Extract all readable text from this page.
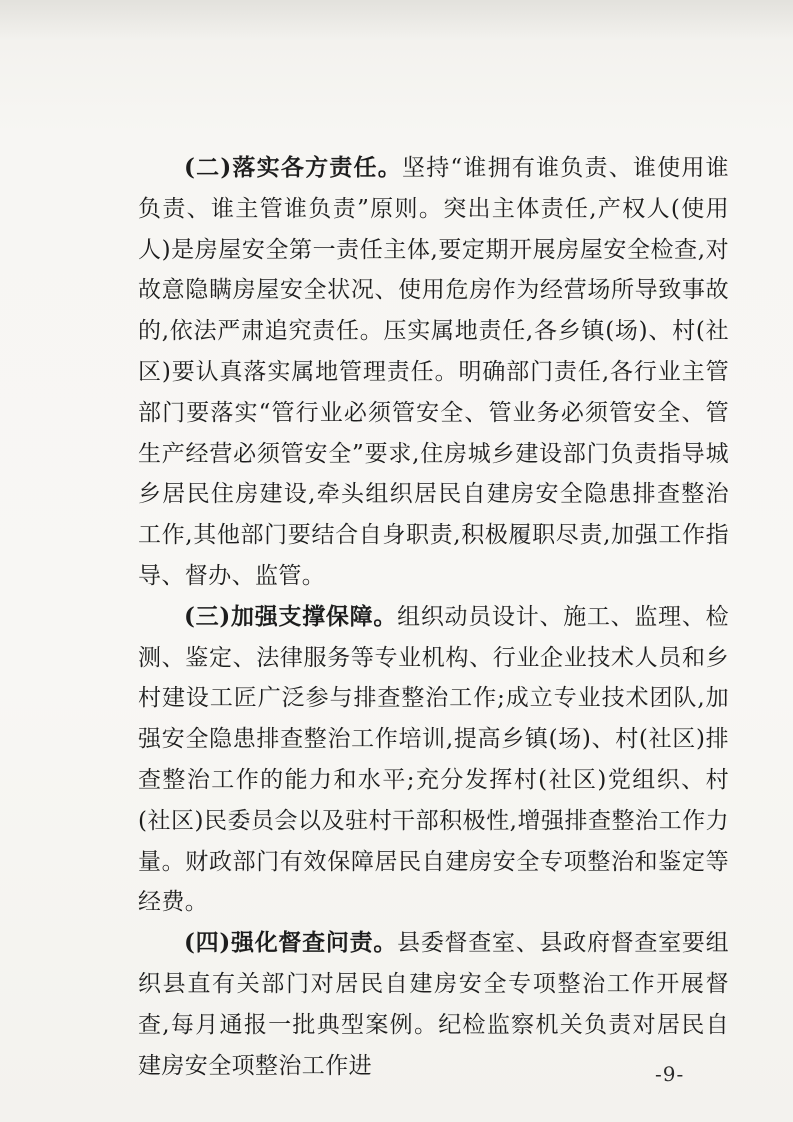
(二)落实各方责任。坚持“谁拥有谁负责、谁使用谁负责、谁主管谁负责”原则。突出主体责任,产权人(使用人)是房屋安全第一责任主体,要定期开展房屋安全检查,对故意隐瞒房屋安全状况、使用危房作为经营场所导致事故的,依法严肃追究责任。压实属地责任,各乡镇(场)、村(社区)要认真落实属地管理责任。明确部门责任,各行业主管部门要落实“管行业必须管安全、管业务必须管安全、管生产经营必须管安全”要求,住房城乡建设部门负责指导城乡居民住房建设,牵头组织居民自建房安全隐患排查整治工作,其他部门要结合自身职责,积极履职尽责,加强工作指导、督办、监管。

(三)加强支撑保障。组织动员设计、施工、监理、检测、鉴定、法律服务等专业机构、行业企业技术人员和乡村建设工匠广泛参与排查整治工作;成立专业技术团队,加强安全隐患排查整治工作培训,提高乡镇(场)、村(社区)排查整治工作的能力和水平;充分发挥村(社区)党组织、村(社区)民委员会以及驻村干部积极性,增强排查整治工作力量。财政部门有效保障居民自建房安全专项整治和鉴定等经费。

(四)强化督查问责。县委督查室、县政府督查室要组织县直有关部门对居民自建房安全专项整治工作开展督查,每月通报一批典型案例。纪检监察机关负责对居民自建房安全项整治工作进	-9-
